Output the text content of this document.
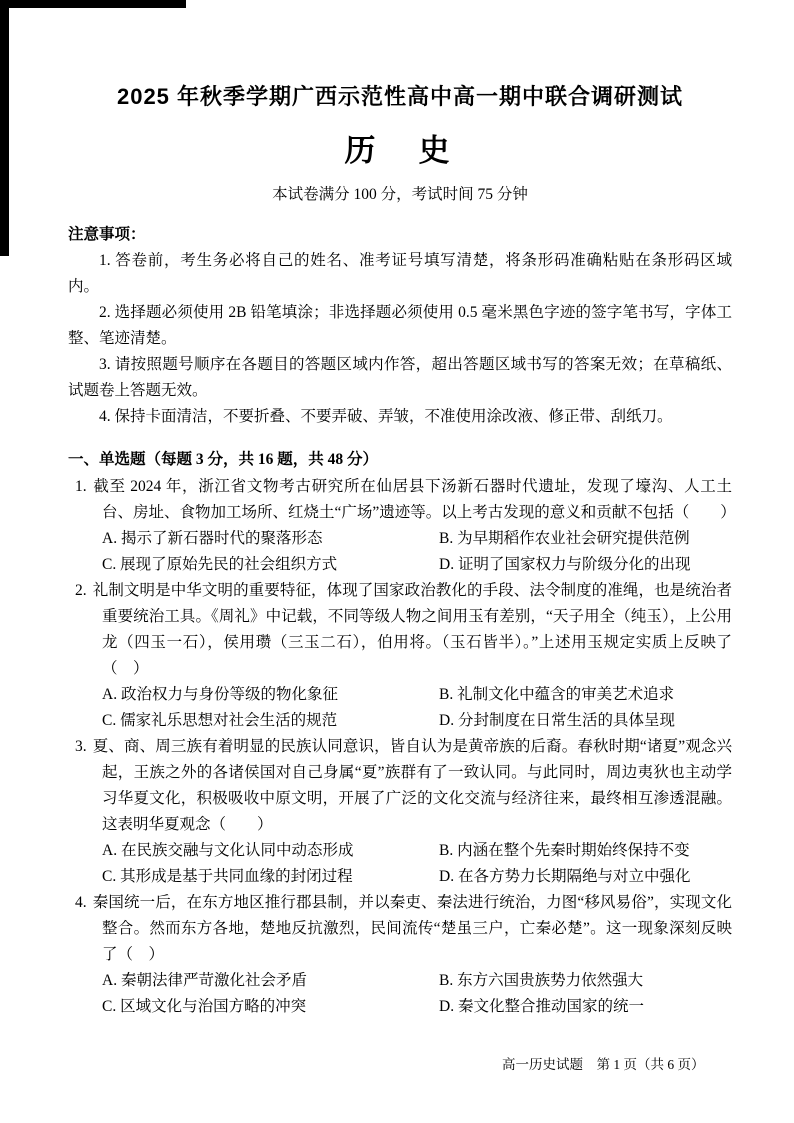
2025 年秋季学期广西示范性高中高一期中联合调研测试
历　史
本试卷满分 100 分，考试时间 75 分钟
注意事项：

1. 答卷前，考生务必将自己的姓名、准考证号填写清楚，将条形码准确粘贴在条形码区域内。

2. 选择题必须使用 2B 铅笔填涂；非选择题必须使用 0.5 毫米黑色字迹的签字笔书写，字体工整、笔迹清楚。

3. 请按照题号顺序在各题目的答题区域内作答，超出答题区域书写的答案无效；在草稿纸、试题卷上答题无效。

4. 保持卡面清洁，不要折叠、不要弄破、弄皱，不准使用涂改液、修正带、刮纸刀。

一、单选题（每题 3 分，共 16 题，共 48 分）

1. 截至 2024 年，浙江省文物考古研究所在仙居县下汤新石器时代遗址，发现了壕沟、人工土台、房址、食物加工场所、红烧土“广场”遗迹等。以上考古发现的意义和贡献不包括（　　）

A. 揭示了新石器时代的聚落形态	B. 为早期稻作农业社会研究提供范例
C. 展现了原始先民的社会组织方式	D. 证明了国家权力与阶级分化的出现

2. 礼制文明是中华文明的重要特征，体现了国家政治教化的手段、法令制度的准绳，也是统治者重要统治工具。《周礼》中记载，不同等级人物之间用玉有差别，“天子用全（纯玉），上公用龙（四玉一石），侯用瓒（三玉二石），伯用将。（玉石皆半）。”上述用玉规定实质上反映了（　）

A. 政治权力与身份等级的物化象征	B. 礼制文化中蕴含的审美艺术追求
C. 儒家礼乐思想对社会生活的规范	D. 分封制度在日常生活的具体呈现

3. 夏、商、周三族有着明显的民族认同意识，皆自认为是黄帝族的后裔。春秋时期“诸夏”观念兴起，王族之外的各诸侯国对自己身属“夏”族群有了一致认同。与此同时，周边夷狄也主动学习华夏文化，积极吸收中原文明，开展了广泛的文化交流与经济往来，最终相互渗透混融。这表明华夏观念（　　）

A. 在民族交融与文化认同中动态形成	B. 内涵在整个先秦时期始终保持不变
C. 其形成是基于共同血缘的封闭过程	D. 在各方势力长期隔绝与对立中强化

4. 秦国统一后，在东方地区推行郡县制，并以秦吏、秦法进行统治，力图“移风易俗”，实现文化整合。然而东方各地，楚地反抗激烈，民间流传“楚虽三户，亡秦必楚”。这一现象深刻反映了（　）

A. 秦朝法律严苛激化社会矛盾	B. 东方六国贵族势力依然强大
C. 区域文化与治国方略的冲突	D. 秦文化整合推动国家的统一
高一历史试题　第 1 页（共 6 页）
